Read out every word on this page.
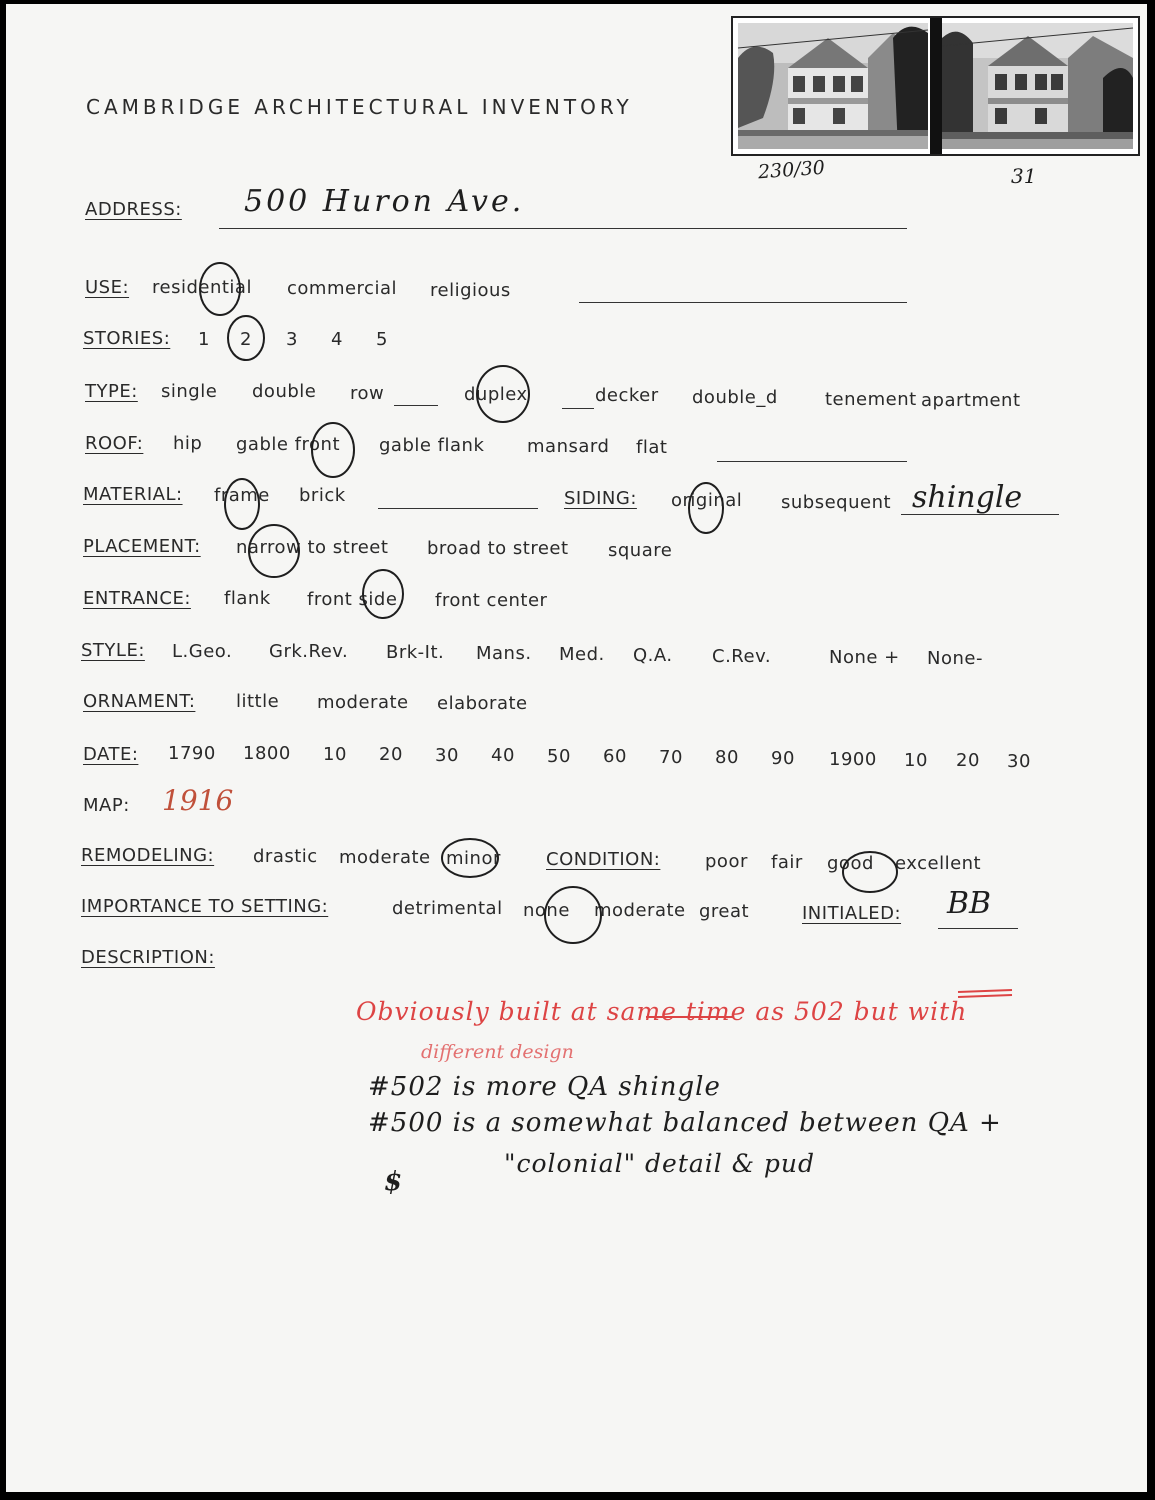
230/30	31
CAMBRIDGE ARCHITECTURAL INVENTORY
ADDRESS: 500 Huron Ave.
USE: residential commercial religious
STORIES: 1 2 3 4 5
TYPE: single double row	duplex	decker double_d	tenement apartment
ROOF: hip gable front gable flank mansard flat
MATERIAL: frame brick	SIDING: original subsequent shingle
PLACEMENT: narrow to street broad to street square
ENTRANCE: flank front side front center
STYLE: L.Geo. Grk.Rev. Brk-It. Mans. Med. Q.A. C.Rev.	None + None-
ORNAMENT: little moderate elaborate
DATE: 1790 1800 10 20 30 40 50 60 70 80 90 1900 10 20 30
MAP: 1916
REMODELING: drastic moderate minor	CONDITION: poor fair good excellent
IMPORTANCE TO SETTING:	detrimental none moderate great	INITIALED: BB
DESCRIPTION:
Obviously built at same time as 502 but with
different design
#502 is more QA shingle
#500 is a somewhat balanced between QA +
"colonial" detail & pud
$
